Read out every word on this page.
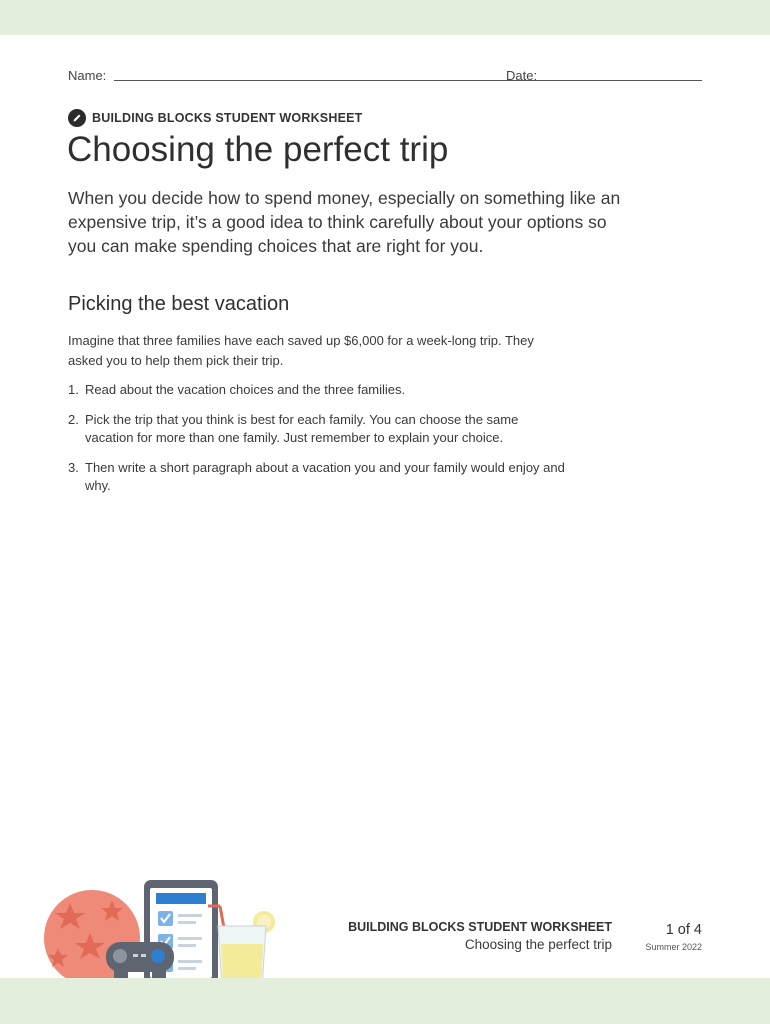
Name:	Date:
BUILDING BLOCKS STUDENT WORKSHEET
Choosing the perfect trip

When you decide how to spend money, especially on something like an expensive trip, it’s a good idea to think carefully about your options so you can make spending choices that are right for you.

Picking the best vacation

Imagine that three families have each saved up $6,000 for a week-long trip. They asked you to help them pick their trip.

1. Read about the vacation choices and the three families.
2. Pick the trip that you think is best for each family. You can choose the same vacation for more than one family. Just remember to explain your choice.
3. Then write a short paragraph about a vacation you and your family would enjoy and why.
BUILDING BLOCKS STUDENT WORKSHEET
Choosing the perfect trip
1 of 4
Summer 2022
